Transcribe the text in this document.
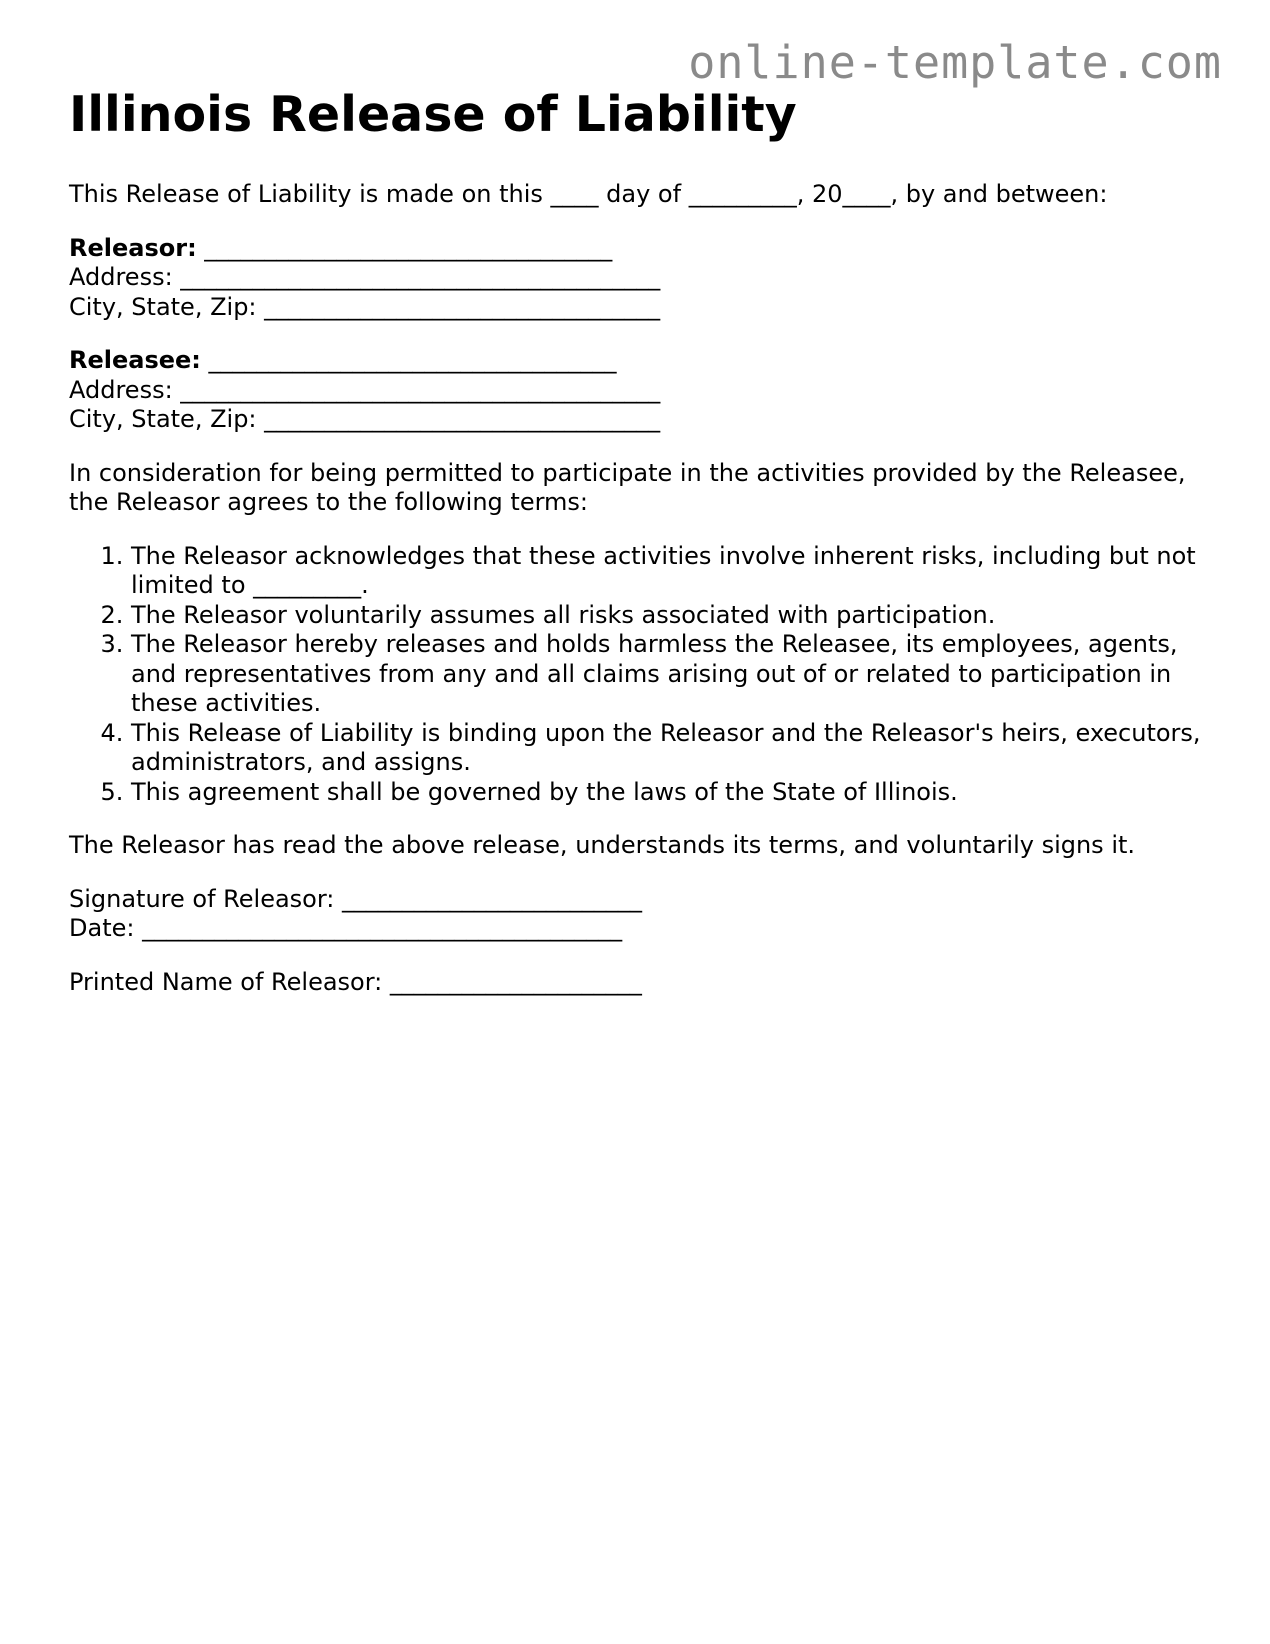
online-template.com
Illinois Release of Liability

This Release of Liability is made on this ____ day of _________, 20____, by and between:

Releasor: __________________________________
Address: ________________________________________
City, State, Zip: _________________________________

Releasee: __________________________________
Address: ________________________________________
City, State, Zip: _________________________________

In consideration for being permitted to participate in the activities provided by the Releasee, the Releasor agrees to the following terms:

1. The Releasor acknowledges that these activities involve inherent risks, including but not limited to _________.
2. The Releasor voluntarily assumes all risks associated with participation.
3. The Releasor hereby releases and holds harmless the Releasee, its employees, agents, and representatives from any and all claims arising out of or related to participation in these activities.
4. This Release of Liability is binding upon the Releasor and the Releasor's heirs, executors, administrators, and assigns.
5. This agreement shall be governed by the laws of the State of Illinois.

The Releasor has read the above release, understands its terms, and voluntarily signs it.

Signature of Releasor: _________________________
Date: ________________________________________

Printed Name of Releasor: _____________________
